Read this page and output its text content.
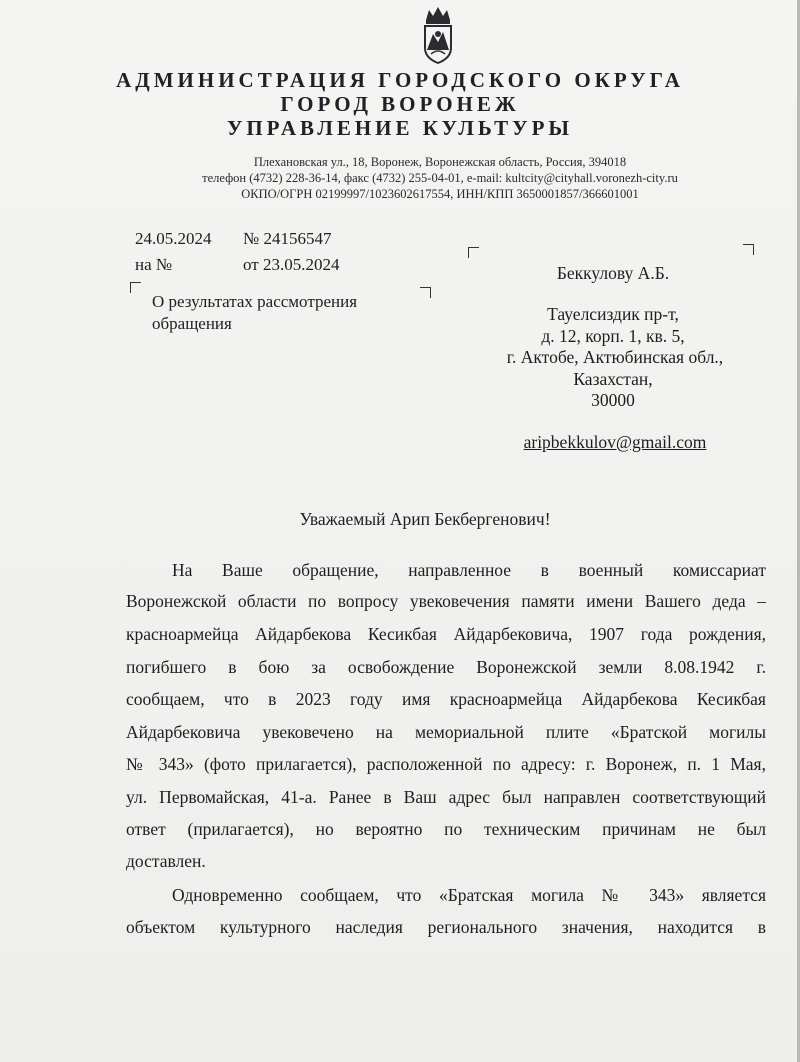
АДМИНИСТРАЦИЯ ГОРОДСКОГО ОКРУГА
ГОРОД ВОРОНЕЖ
УПРАВЛЕНИЕ КУЛЬТУРЫ
Плехановская ул., 18, Воронеж, Воронежская область, Россия, 394018
телефон (4732) 228-36-14, факс (4732) 255-04-01, e-mail: kultcity@cityhall.voronezh-city.ru
ОКПО/ОГРН 02199997/1023602617554, ИНН/КПП 3650001857/366601001
24.05.2024 № 24156547
на №	от 23.05.2024
О результатах рассмотрения
обращения
Беккулову А.Б.
Тауелсиздик пр-т,
д. 12, корп. 1, кв. 5,
г. Актобе, Актюбинская обл.,
Казахстан,
30000
aripbekkulov@gmail.com
Уважаемый Арип Бекбергенович!
На Ваше обращение, направленное в военный комиссариат
Воронежской области по вопросу увековечения памяти имени Вашего деда –
красноармейца Айдарбекова Кесикбая Айдарбековича, 1907 года рождения,
погибшего в бою за освобождение Воронежской земли 8.08.1942 г.
сообщаем, что в 2023 году имя красноармейца Айдарбекова Кесикбая
Айдарбековича увековечено на мемориальной плите «Братской могилы
№ 343» (фото прилагается), расположенной по адресу: г. Воронеж, п. 1 Мая,
ул. Первомайская, 41-а. Ранее в Ваш адрес был направлен соответствующий
ответ (прилагается), но вероятно по техническим причинам не был
доставлен.
Одновременно сообщаем, что «Братская могила № 343» является
объектом культурного наследия регионального значения, находится в
